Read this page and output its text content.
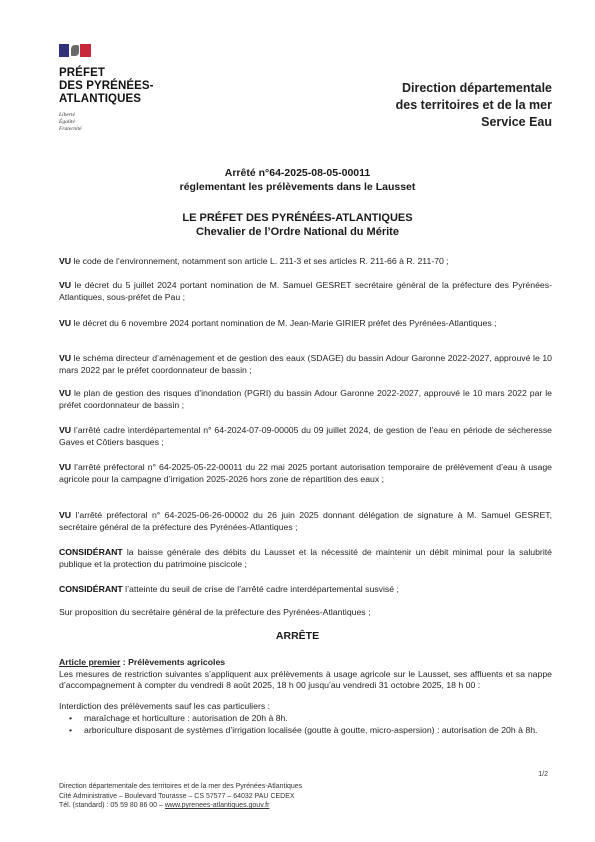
PRÉFET
DES PYRÉNÉES-
ATLANTIQUES
Liberté
Égalité
Fraternité
Direction départementale
des territoires et de la mer
Service Eau
Arrêté n°64-2025-08-05-00011
réglementant les prélèvements dans le Lausset
LE PRÉFET DES PYRÉNÉES-ATLANTIQUES
Chevalier de l’Ordre National du Mérite
VU le code de l’environnement, notamment son article L. 211-3 et ses articles R. 211-66 à R. 211-70 ;
VU le décret du 5 juillet 2024 portant nomination de M. Samuel GESRET secrétaire général de la préfecture des Pyrénées-Atlantiques, sous-préfet de Pau ;
VU le décret du 6 novembre 2024 portant nomination de M. Jean-Marie GIRIER préfet des Pyrénées-Atlantiques ;
VU le schéma directeur d’aménagement et de gestion des eaux (SDAGE) du bassin Adour Garonne 2022-2027, approuvé le 10 mars 2022 par le préfet coordonnateur de bassin ;
VU le plan de gestion des risques d’inondation (PGRI) du bassin Adour Garonne 2022-2027, approuvé le 10 mars 2022 par le préfet coordonnateur de bassin ;
VU l’arrêté cadre interdépartemental n° 64-2024-07-09-00005 du 09 juillet 2024, de gestion de l’eau en période de sécheresse Gaves et Côtiers basques ;
VU l’arrêté préfectoral n° 64-2025-05-22-00011 du 22 mai 2025 portant autorisation temporaire de prélèvement d’eau à usage agricole pour la campagne d’irrigation 2025-2026 hors zone de répartition des eaux ;
VU l’arrêté préfectoral n° 64-2025-06-26-00002 du 26 juin 2025 donnant délégation de signature à M. Samuel GESRET, secrétaire général de la préfecture des Pyrénées-Atlantiques ;
CONSIDÉRANT la baisse générale des débits du Lausset et la nécessité de maintenir un débit minimal pour la salubrité publique et la protection du patrimoine piscicole ;
CONSIDÉRANT l’atteinte du seuil de crise de l’arrêté cadre interdépartemental susvisé ;
Sur proposition du secrétaire général de la préfecture des Pyrénées-Atlantiques ;
ARRÊTE
Article premier : Prélèvements agricoles
Les mesures de restriction suivantes s’appliquent aux prélèvements à usage agricole sur le Lausset, ses affluents et sa nappe d’accompagnement à compter du vendredi 8 août 2025, 18 h 00 jusqu’au vendredi 31 octobre 2025, 18 h 00 :
Interdiction des prélèvements sauf les cas particuliers :
• maraîchage et horticulture : autorisation de 20h à 8h.
• arboriculture disposant de systèmes d’irrigation localisée (goutte à goutte, micro-aspersion) : autorisation de 20h à 8h.
1/2
Direction départementale des territoires et de la mer des Pyrénées-Atlantiques
Cité Administrative – Boulevard Tourasse – CS 57577 – 64032 PAU CEDEX
Tél. (standard) : 05 59 80 86 00 – www.pyrenees-atlantiques.gouv.fr
